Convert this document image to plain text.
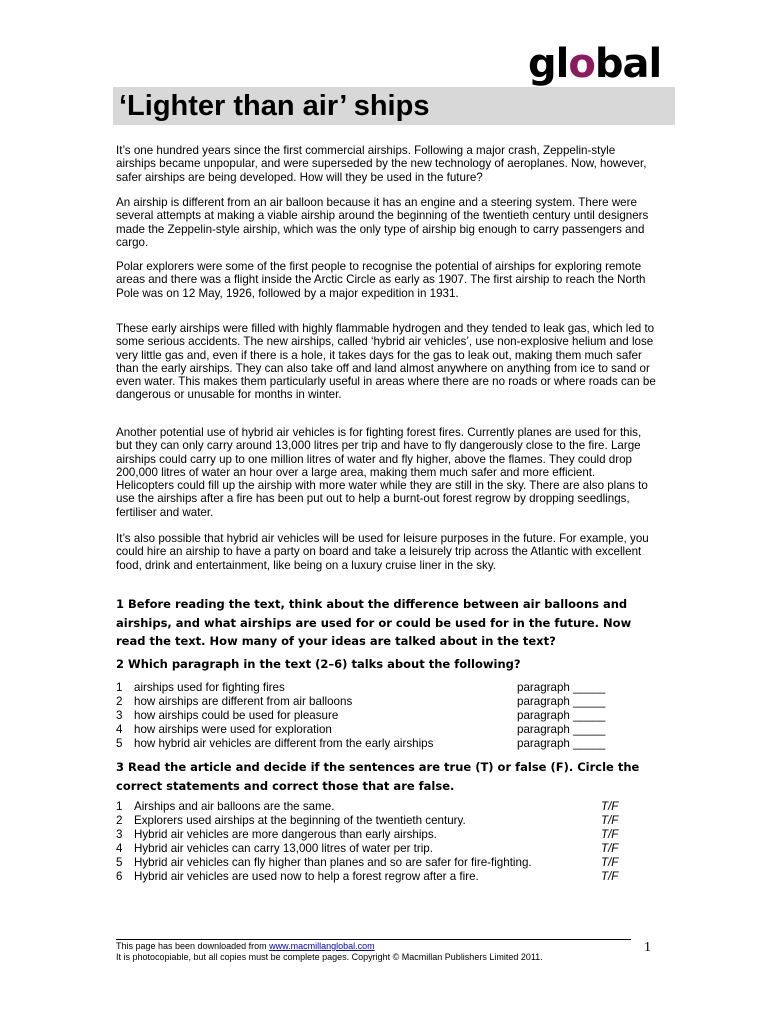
global
‘Lighter than air’ ships

It’s one hundred years since the first commercial airships. Following a major crash, Zeppelin-style airships became unpopular, and were superseded by the new technology of aeroplanes. Now, however, safer airships are being developed. How will they be used in the future?

An airship is different from an air balloon because it has an engine and a steering system. There were several attempts at making a viable airship around the beginning of the twentieth century until designers made the Zeppelin-style airship, which was the only type of airship big enough to carry passengers and cargo.

Polar explorers were some of the first people to recognise the potential of airships for exploring remote areas and there was a flight inside the Arctic Circle as early as 1907. The first airship to reach the North Pole was on 12 May, 1926, followed by a major expedition in 1931.

These early airships were filled with highly flammable hydrogen and they tended to leak gas, which led to some serious accidents. The new airships, called ‘hybrid air vehicles’, use non-explosive helium and lose very little gas and, even if there is a hole, it takes days for the gas to leak out, making them much safer than the early airships. They can also take off and land almost anywhere on anything from ice to sand or even water. This makes them particularly useful in areas where there are no roads or where roads can be dangerous or unusable for months in winter.

Another potential use of hybrid air vehicles is for fighting forest fires. Currently planes are used for this, but they can only carry around 13,000 litres per trip and have to fly dangerously close to the fire. Large airships could carry up to one million litres of water and fly higher, above the flames. They could drop 200,000 litres of water an hour over a large area, making them much safer and more efficient. Helicopters could fill up the airship with more water while they are still in the sky. There are also plans to use the airships after a fire has been put out to help a burnt-out forest regrow by dropping seedlings, fertiliser and water.

It’s also possible that hybrid air vehicles will be used for leisure purposes in the future. For example, you could hire an airship to have a party on board and take a leisurely trip across the Atlantic with excellent food, drink and entertainment, like being on a luxury cruise liner in the sky.

1 Before reading the text, think about the difference between air balloons and airships, and what airships are used for or could be used for in the future. Now read the text. How many of your ideas are talked about in the text?

2 Which paragraph in the text (2–6) talks about the following?

1 airships used for fighting fires	paragraph _____
2 how airships are different from air balloons	paragraph _____
3 how airships could be used for pleasure	paragraph _____
4 how airships were used for exploration	paragraph _____
5 how hybrid air vehicles are different from the early airships	paragraph _____

3 Read the article and decide if the sentences are true (T) or false (F). Circle the correct statements and correct those that are false.

1 Airships and air balloons are the same.	T/F
2 Explorers used airships at the beginning of the twentieth century.	T/F
3 Hybrid air vehicles are more dangerous than early airships.	T/F
4 Hybrid air vehicles can carry 13,000 litres of water per trip.	T/F
5 Hybrid air vehicles can fly higher than planes and so are safer for fire-fighting.	T/F
6 Hybrid air vehicles are used now to help a forest regrow after a fire.	T/F
This page has been downloaded from www.macmillanglobal.com
It is photocopiable, but all copies must be complete pages. Copyright © Macmillan Publishers Limited 2011.
1
